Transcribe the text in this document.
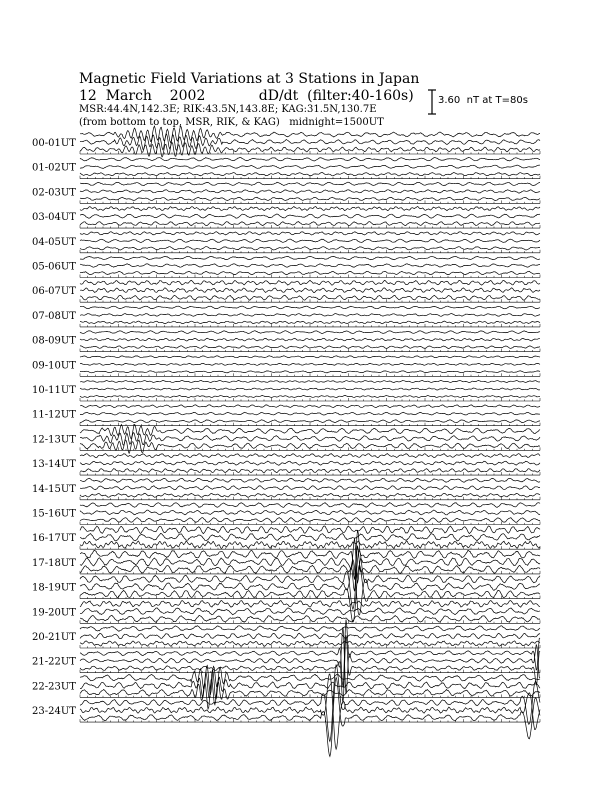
Magnetic Field Variations at 3 Stations in Japan
12  March    2002            dD/dt  (filter:40-160s)
MSR:44.4N,142.3E; RIK:43.5N,143.8E; KAG:31.5N,130.7E
(from bottom to top, MSR, RIK, & KAG)   midnight=1500UT
3.60  nT at T=80s
00-01UT
01-02UT
02-03UT
03-04UT
04-05UT
05-06UT
06-07UT
07-08UT
08-09UT
09-10UT
10-11UT
11-12UT
12-13UT
13-14UT
14-15UT
15-16UT
16-17UT
17-18UT
18-19UT
19-20UT
20-21UT
21-22UT
22-23UT
23-24UT
